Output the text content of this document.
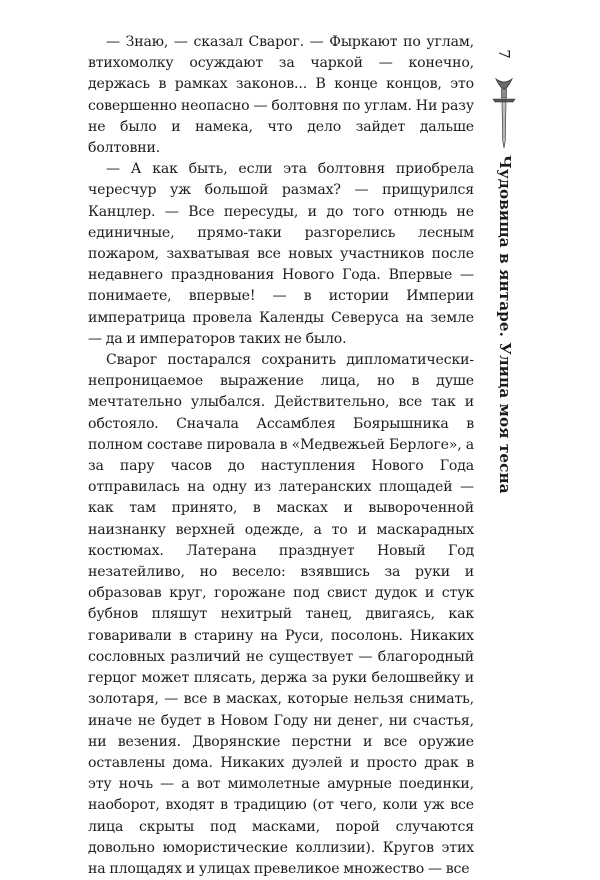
— Знаю, — сказал Сварог. — Фыркают по углам, втихомолку осуждают за чаркой — конечно, держась в рамках законов... В конце концов, это совершенно неопасно — болтовня по углам. Ни разу не было и намека, что дело зайдет дальше болтовни.

— А как быть, если эта болтовня приобрела чересчур уж большой размах? — прищурился Канцлер. — Все пересуды, и до того отнюдь не единичные, прямо-таки разгорелись лесным пожаром, захватывая все новых участников после недавнего празднования Нового Года. Впервые — понимаете, впервые! — в истории Империи императрица провела Календы Северуса на земле — да и императоров таких не было.

Сварог постарался сохранить дипломатически-непроницаемое выражение лица, но в душе мечтательно улыбался. Действительно, все так и обстояло. Сначала Ассамблея Боярышника в полном составе пировала в «Медвежьей Берлоге», а за пару часов до наступления Нового Года отправилась на одну из латеранских площадей — как там принято, в масках и вывороченной наизнанку верхней одежде, а то и маскарадных костюмах. Латерана празднует Новый Год незатейливо, но весело: взявшись за руки и образовав круг, горожане под свист дудок и стук бубнов пляшут нехитрый танец, двигаясь, как говаривали в старину на Руси, посолонь. Никаких сословных различий не существует — благородный герцог может плясать, держа за руки белошвейку и золотаря, — все в масках, которые нельзя снимать, иначе не будет в Новом Году ни денег, ни счастья, ни везения. Дворянские перстни и все оружие оставлены дома. Никаких дуэлей и просто драк в эту ночь — а вот мимолетные амурные поединки, наоборот, входят в традицию (от чего, коли уж все лица скрыты под масками, порой случаются довольно юмористические коллизии). Кругов этих на площадях и улицах превеликое множество — все

7
Чудовища в янтаре. Улица моя тесна
